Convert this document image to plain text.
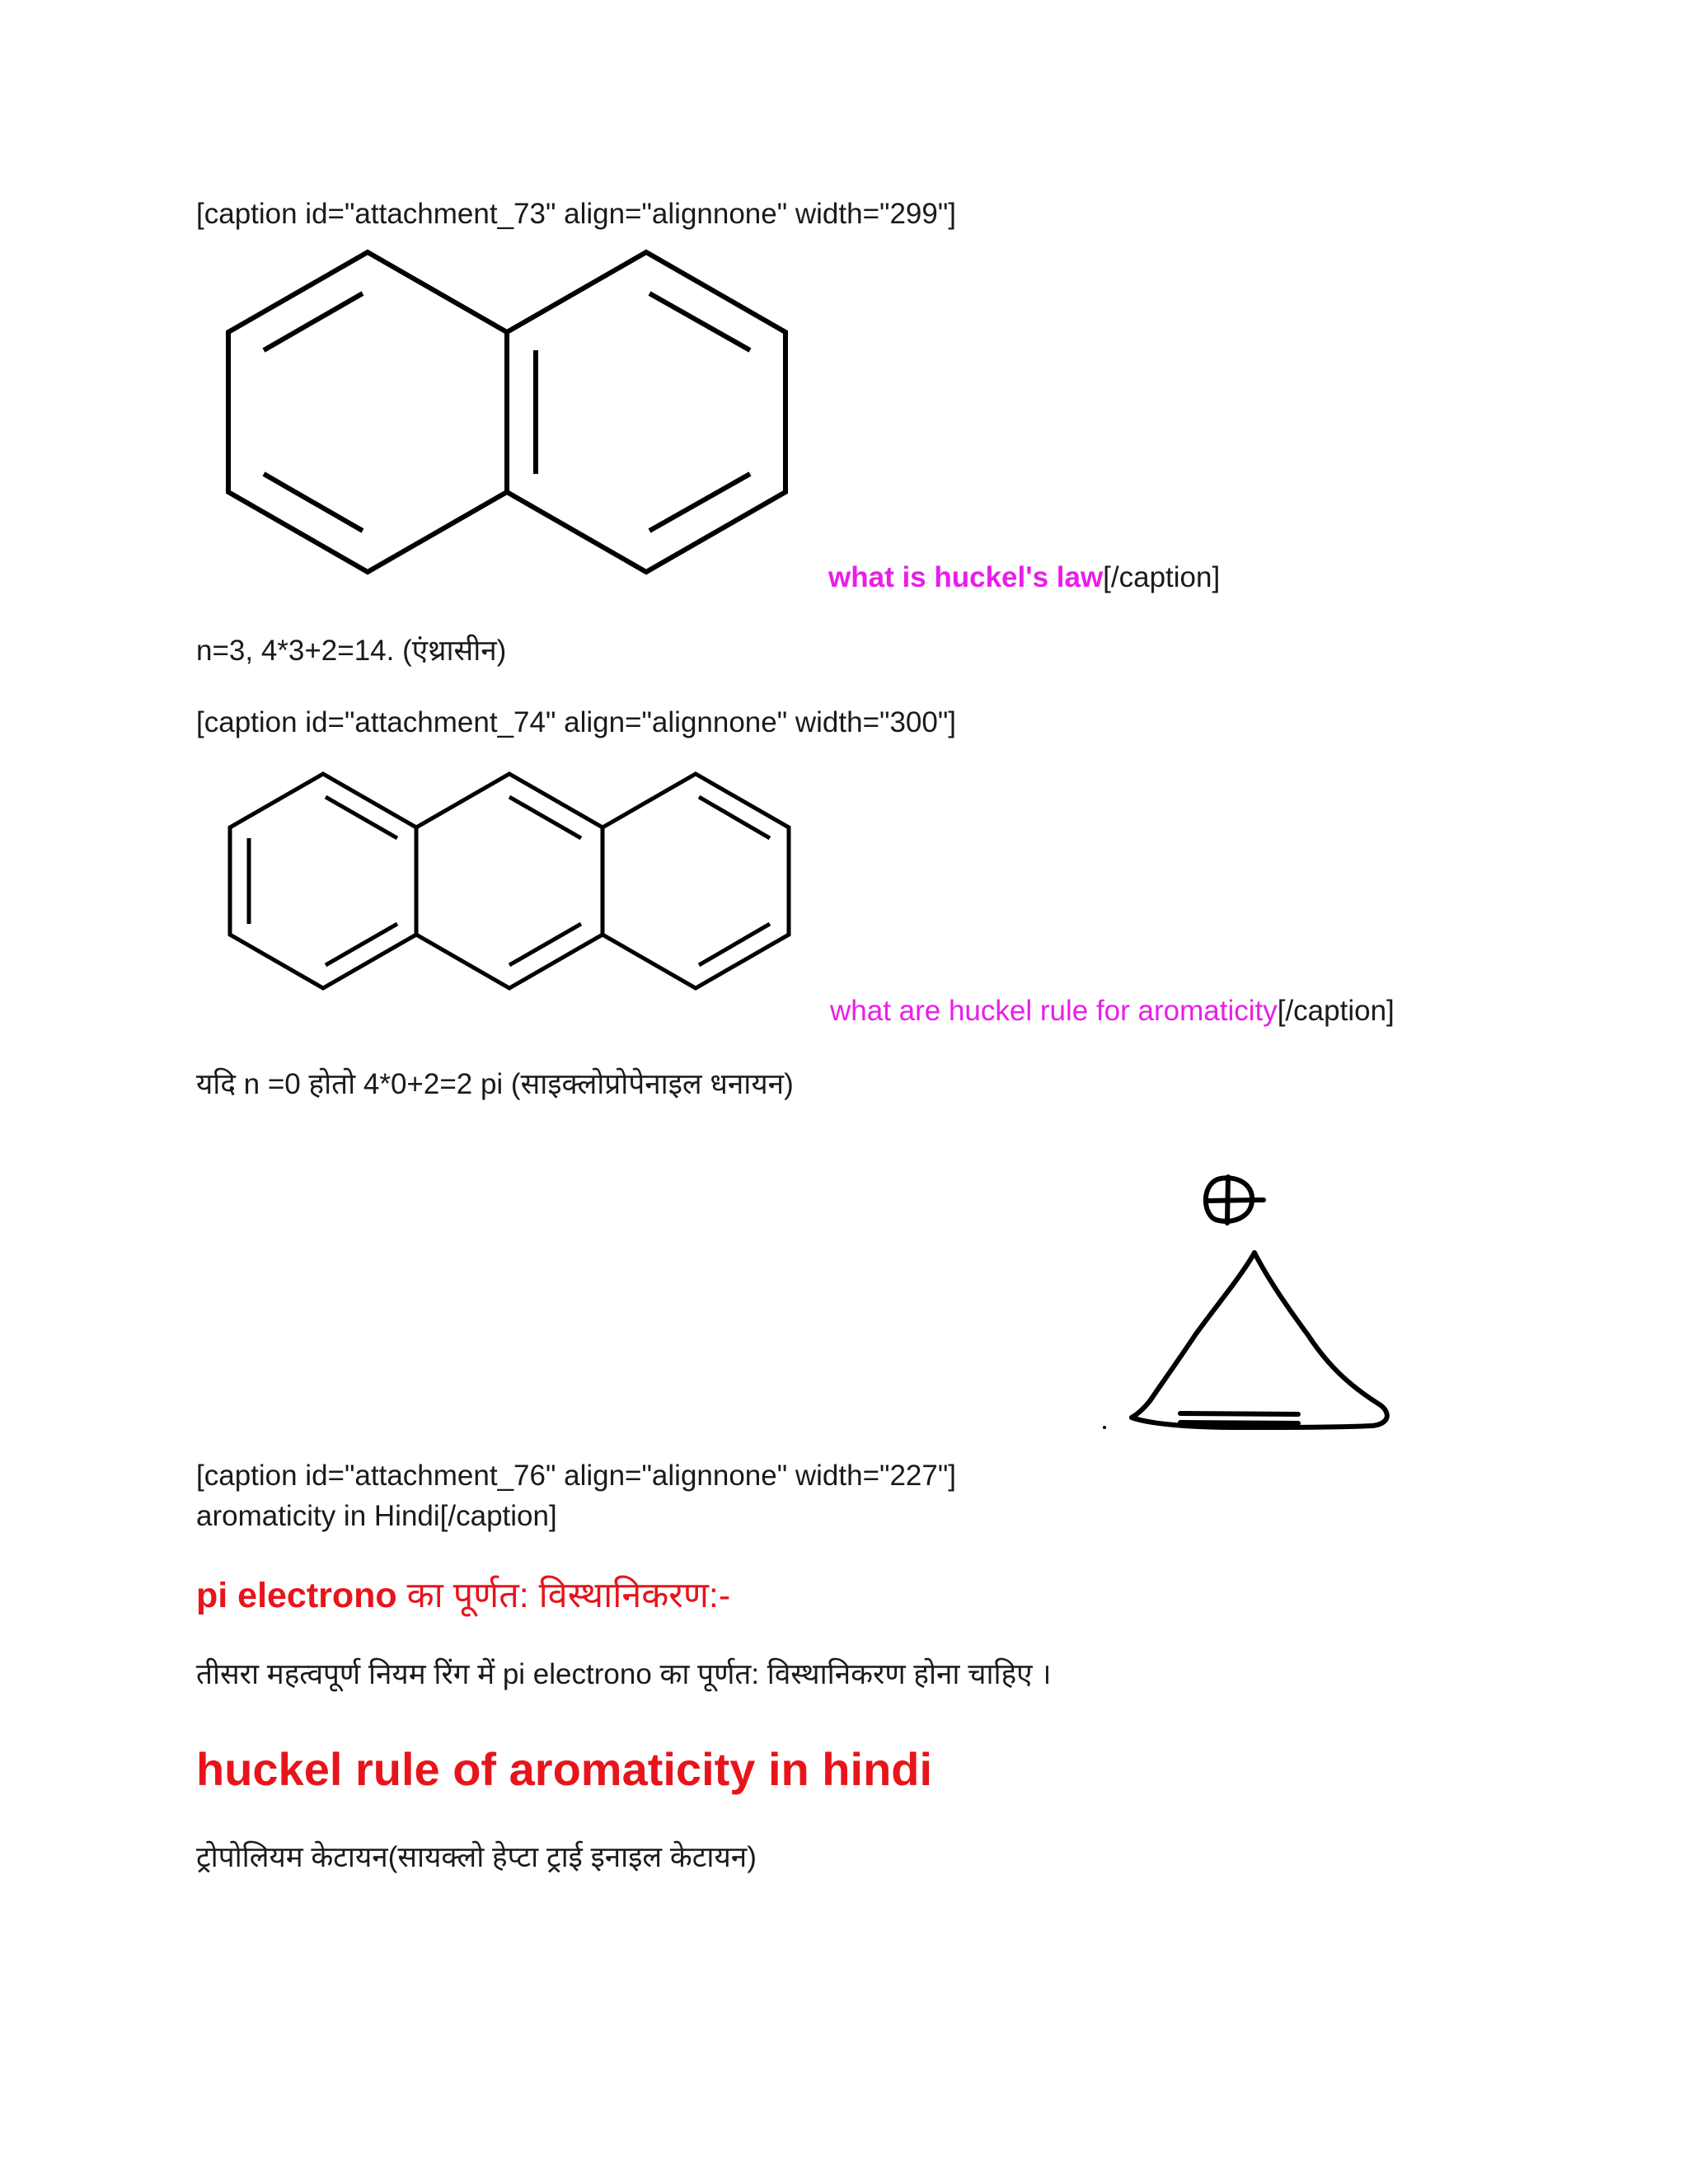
[caption id="attachment_73" align="alignnone" width="299"]
what is huckel's law[/caption]
n=3, 4*3+2=14. (एंथ्रासीन)
[caption id="attachment_74" align="alignnone" width="300"]
what are huckel rule for aromaticity[/caption]
यदि n =0 होतो 4*0+2=2 pi (साइक्लोप्रोपेनाइल धनायन)
[caption id="attachment_76" align="alignnone" width="227"]
aromaticity in Hindi[/caption]
pi electrono का पूर्णत: विस्थानिकरण:-
तीसरा महत्वपूर्ण नियम रिंग में pi electrono का पूर्णत: विस्थानिकरण होना चाहिए ।
huckel rule of aromaticity in hindi
ट्रोपोलियम केटायन(सायक्लो हेप्टा ट्राई इनाइल केटायन)
